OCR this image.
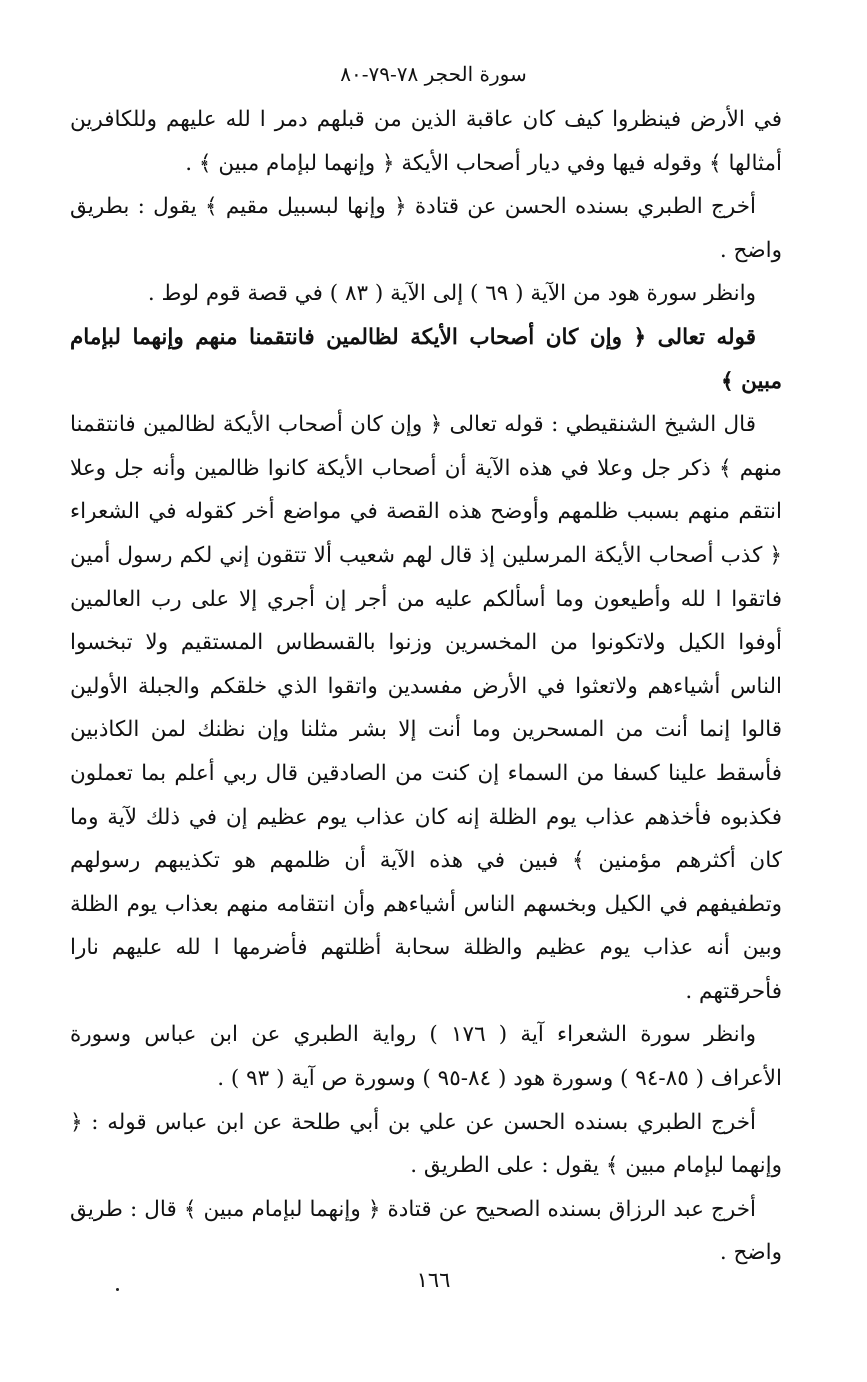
سورة الحجر ٧٨-٧٩-٨٠

في الأرض فينظروا كيف كان عاقبة الذين من قبلهم دمر ا لله عليهم وللكافرين أمثالها ﴾ وقوله فيها وفي ديار أصحاب الأيكة ﴿ وإنهما لبإمام مبين ﴾ .

أخرج الطبري بسنده الحسن عن قتادة ﴿ وإنها لبسبيل مقيم ﴾ يقول : بطريق واضح .

وانظر سورة هود من الآية ( ٦٩ ) إلى الآية ( ٨٣ ) في قصة قوم لوط .

قوله تعالى ﴿ وإن كان أصحاب الأيكة لظالمين فانتقمنا منهم وإنهما لبإمام مبين ﴾

قال الشيخ الشنقيطي : قوله تعالى ﴿ وإن كان أصحاب الأيكة لظالمين فانتقمنا منهم ﴾ ذكر جل وعلا في هذه الآية أن أصحاب الأيكة كانوا ظالمين وأنه جل وعلا انتقم منهم بسبب ظلمهم وأوضح هذه القصة في مواضع أخر كقوله في الشعراء ﴿ كذب أصحاب الأيكة المرسلين إذ قال لهم شعيب ألا تتقون إني لكم رسول أمين فاتقوا ا لله وأطيعون وما أسألكم عليه من أجر إن أجري إلا على رب العالمين أوفوا الكيل ولاتكونوا من المخسرين وزنوا بالقسطاس المستقيم ولا تبخسوا الناس أشياءهم ولاتعثوا في الأرض مفسدين واتقوا الذي خلقكم والجبلة الأولين قالوا إنما أنت من المسحرين وما أنت إلا بشر مثلنا وإن نظنك لمن الكاذبين فأسقط علينا كسفا من السماء إن كنت من الصادقين قال ربي أعلم بما تعملون فكذبوه فأخذهم عذاب يوم الظلة إنه كان عذاب يوم عظيم إن في ذلك لآية وما كان أكثرهم مؤمنين ﴾ فبين في هذه الآية أن ظلمهم هو تكذيبهم رسولهم وتطفيفهم في الكيل وبخسهم الناس أشياءهم وأن انتقامه منهم بعذاب يوم الظلة وبين أنه عذاب يوم عظيم والظلة سحابة أظلتهم فأضرمها ا لله عليهم نارا فأحرقتهم .

وانظر سورة الشعراء آية ( ١٧٦ ) رواية الطبري عن ابن عباس وسورة الأعراف ( ٨٥-٩٤ ) وسورة هود ( ٨٤-٩٥ ) وسورة ص آية ( ٩٣ ) .

أخرج الطبري بسنده الحسن عن علي بن أبي طلحة عن ابن عباس قوله : ﴿ وإنهما لبإمام مبين ﴾ يقول : على الطريق .

أخرج عبد الرزاق بسنده الصحيح عن قتادة ﴿ وإنهما لبإمام مبين ﴾ قال : طريق واضح .

١٦٦
